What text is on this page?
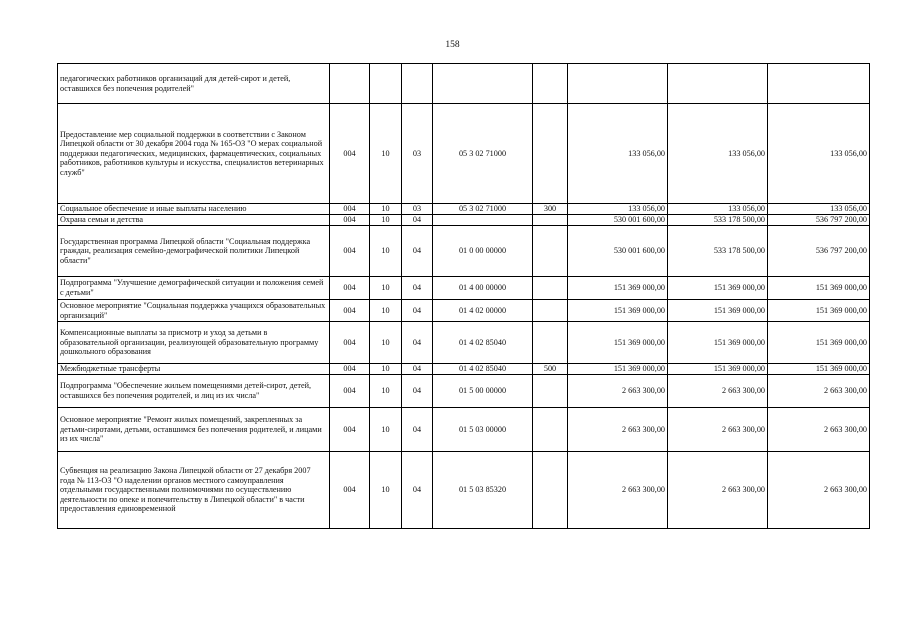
158
педагогических работников организаций для детей-сирот и детей, оставшихся без попечения родителей"								
Предоставление мер социальной поддержки в соответствии с Законом Липецкой области от 30 декабря 2004 года № 165-ОЗ "О мерах социальной поддержки педагогических, медицинских, фармацевтических, социальных работников, работников культуры и искусства, специалистов ветеринарных служб"	004	10	03	05 3 02 71000		133 056,00	133 056,00	133 056,00
Социальное обеспечение и иные выплаты населению	004	10	03	05 3 02 71000	300	133 056,00	133 056,00	133 056,00
Охрана семьи и детства	004	10	04			530 001 600,00	533 178 500,00	536 797 200,00
Государственная программа Липецкой области "Социальная поддержка граждан, реализация семейно-демографической политики Липецкой области"	004	10	04	01 0 00 00000		530 001 600,00	533 178 500,00	536 797 200,00
Подпрограмма "Улучшение демографической ситуации и положения семей с детьми"	004	10	04	01 4 00 00000		151 369 000,00	151 369 000,00	151 369 000,00
Основное мероприятие "Социальная поддержка учащихся образовательных организаций"	004	10	04	01 4 02 00000		151 369 000,00	151 369 000,00	151 369 000,00
Компенсационные выплаты за присмотр и уход за детьми в образовательной организации, реализующей образовательную программу дошкольного образования	004	10	04	01 4 02 85040		151 369 000,00	151 369 000,00	151 369 000,00
Межбюджетные трансферты	004	10	04	01 4 02 85040	500	151 369 000,00	151 369 000,00	151 369 000,00
Подпрограмма "Обеспечение жильем помещениями детей-сирот, детей, оставшихся без попечения родителей, и лиц из их числа"	004	10	04	01 5 00 00000		2 663 300,00	2 663 300,00	2 663 300,00
Основное мероприятие "Ремонт жилых помещений, закрепленных за детьми-сиротами, детьми, оставшимся без попечения родителей, и лицами из их числа"	004	10	04	01 5 03 00000		2 663 300,00	2 663 300,00	2 663 300,00
Субвенция на реализацию Закона Липецкой области от 27 декабря 2007 года № 113-ОЗ "О наделении органов местного самоуправления отдельными государственными полномочиями по осуществлению деятельности по опеке и попечительству в Липецкой области" в части предоставления единовременной	004	10	04	01 5 03 85320		2 663 300,00	2 663 300,00	2 663 300,00
